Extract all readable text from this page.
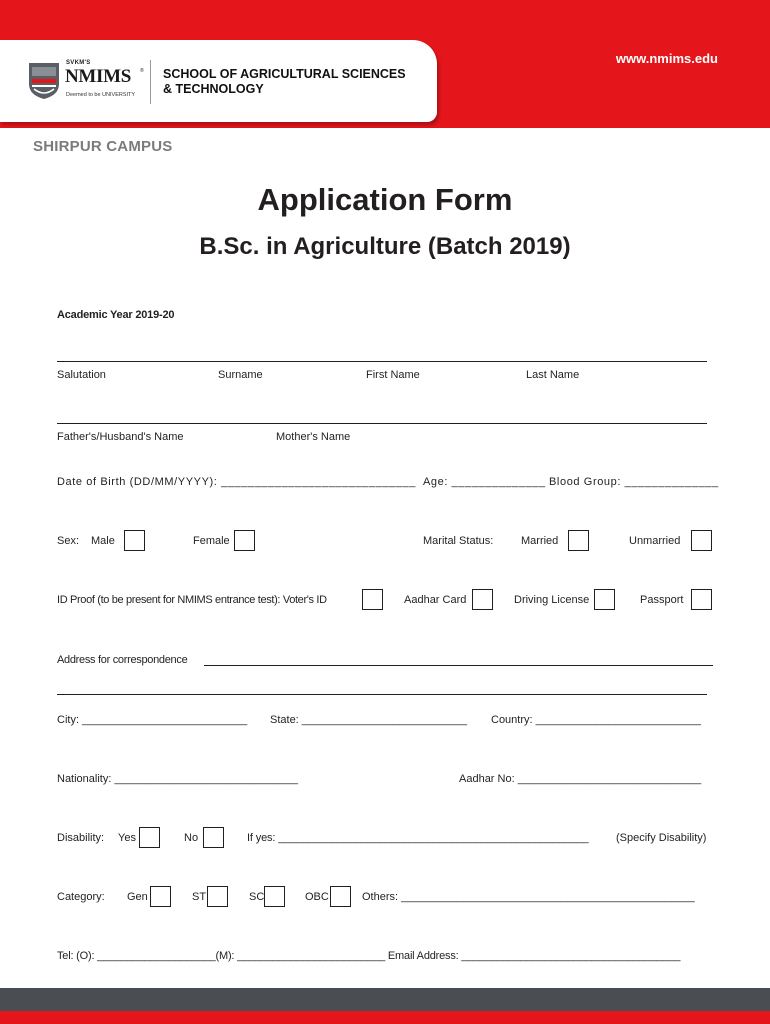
www.nmims.edu
SVKM'S
NMIMS ®
Deemed to be UNIVERSITY
SCHOOL OF AGRICULTURAL SCIENCES
& TECHNOLOGY
SHIRPUR CAMPUS
Application Form
B.Sc. in Agriculture (Batch 2019)
Academic Year 2019-20
Salutation	Surname	First Name	Last Name
Father's/Husband's Name	Mother's Name
Date of Birth (DD/MM/YYYY): _____________________________ Age: ______________ Blood Group: ______________
Sex: Male	Female	Marital Status:	Married	Unmarried
ID Proof (to be present for NMIMS entrance test): Voter's ID	Aadhar Card	Driving License	Passport
Address for correspondence
City: ___________________________ State: ___________________________ Country: ___________________________
Nationality: ______________________________	Aadhar No: ______________________________
Disability: Yes	No	If yes: ____________________________________________________ (Specify Disability)
Category: Gen	ST	SC	OBC	Others: ________________________________________________
Tel: (O): ____________________(M): _________________________ Email Address: _____________________________________
